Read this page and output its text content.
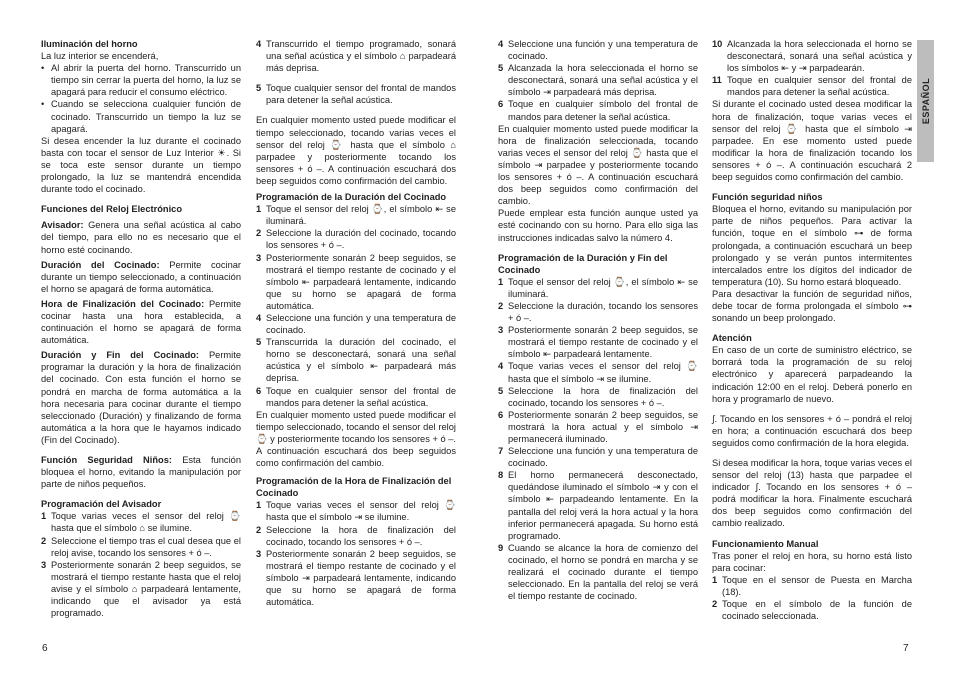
Iluminación del horno

La luz interior se encenderá,

• Al abrir la puerta del horno. Transcurrido un tiempo sin cerrar la puerta del horno, la luz se apagará para reducir el consumo eléctrico.
• Cuando se selecciona cualquier función de cocinado. Transcurrido un tiempo la luz se apagará.

Si desea encender la luz durante el cocinado basta con tocar el sensor de Luz Interior ☀. Si se toca este sensor durante un tiempo prolongado, la luz se mantendrá encendida durante todo el cocinado.

Funciones del Reloj Electrónico

Avisador: Genera una señal acústica al cabo del tiempo, para ello no es necesario que el horno esté cocinando.

Duración del Cocinado: Permite cocinar durante un tiempo seleccionado, a continuación el horno se apagará de forma automática.

Hora de Finalización del Cocinado: Permite cocinar hasta una hora establecida, a continuación el horno se apagará de forma automática.

Duración y Fin del Cocinado: Permite programar la duración y la hora de finalización del cocinado. Con esta función el horno se pondrá en marcha de forma automática a la hora necesaria para cocinar durante el tiempo seleccionado (Duración) y finalizando de forma automática a la hora que le hayamos indicado (Fin del Cocinado).

Función Seguridad Niños: Esta función bloquea el horno, evitando la manipulación por parte de niños pequeños.

Programación del Avisador

1 Toque varias veces el sensor del reloj ⌚ hasta que el símbolo ⌂ se ilumine.
2 Seleccione el tiempo tras el cual desea que el reloj avise, tocando los sensores + ó –.
3 Posteriormente sonarán 2 beep seguidos, se mostrará el tiempo restante hasta que el reloj avise y el símbolo ⌂ parpadeará lentamente, indicando que el avisador ya está programado.
4 Transcurrido el tiempo programado, sonará una señal acústica y el símbolo ⌂ parpadeará más deprisa.
5 Toque cualquier sensor del frontal de mandos para detener la señal acústica.

En cualquier momento usted puede modificar el tiempo seleccionado, tocando varias veces el sensor del reloj ⌚ hasta que el símbolo ⌂ parpadee y posteriormente tocando los sensores + ó –. A continuación escuchará dos beep seguidos como confirmación del cambio.

Programación de la Duración del Cocinado

1 Toque el sensor del reloj ⌚, el símbolo ⇤ se iluminará.
2 Seleccione la duración del cocinado, tocando los sensores + ó –.
3 Posteriormente sonarán 2 beep seguidos, se mostrará el tiempo restante de cocinado y el símbolo ⇤ parpadeará lentamente, indicando que su horno se apagará de forma automática.
4 Seleccione una función y una temperatura de cocinado.
5 Transcurrida la duración del cocinado, el horno se desconectará, sonará una señal acústica y el símbolo ⇤ parpadeará más deprisa.
6 Toque en cualquier sensor del frontal de mandos para detener la señal acústica.

En cualquier momento usted puede modificar el tiempo seleccionado, tocando el sensor del reloj ⌚ y posteriormente tocando los sensores + ó –. A continuación escuchará dos beep seguidos como confirmación del cambio.

Programación de la Hora de Finalización del Cocinado

1 Toque varias veces el sensor del reloj ⌚ hasta que el símbolo ⇥ se ilumine.
2 Seleccione la hora de finalización del cocinado, tocando los sensores + ó –.
3 Posteriormente sonarán 2 beep seguidos, se mostrará el tiempo restante de cocinado y el símbolo ⇥ parpadeará lentamente, indicando que su horno se apagará de forma automática.
4 Seleccione una función y una temperatura de cocinado.
5 Alcanzada la hora seleccionada el horno se desconectará, sonará una señal acústica y el símbolo ⇥ parpadeará más deprisa.
6 Toque en cualquier símbolo del frontal de mandos para detener la señal acústica.

En cualquier momento usted puede modificar la hora de finalización seleccionada, tocando varias veces el sensor del reloj ⌚ hasta que el símbolo ⇥ parpadee y posteriormente tocando los sensores + ó –. A continuación escuchará dos beep seguidos como confirmación del cambio.

Puede emplear esta función aunque usted ya esté cocinando con su horno. Para ello siga las instrucciones indicadas salvo la número 4.

Programación de la Duración y Fin del Cocinado

1 Toque el sensor del reloj ⌚, el símbolo ⇤ se iluminará.
2 Seleccione la duración, tocando los sensores + ó –.
3 Posteriormente sonarán 2 beep seguidos, se mostrará el tiempo restante de cocinado y el símbolo ⇤ parpadeará lentamente.
4 Toque varias veces el sensor del reloj ⌚ hasta que el símbolo ⇥ se ilumine.
5 Seleccione la hora de finalización del cocinado, tocando los sensores + ó –.
6 Posteriormente sonarán 2 beep seguidos, se mostrará la hora actual y el símbolo ⇥ permanecerá iluminado.
7 Seleccione una función y una temperatura de cocinado.
8 El horno permanecerá desconectado, quedándose iluminado el símbolo ⇥ y con el símbolo ⇤ parpadeando lentamente. En la pantalla del reloj verá la hora actual y la hora inferior permanecerá apagada. Su horno está programado.
9 Cuando se alcance la hora de comienzo del cocinado, el horno se pondrá en marcha y se realizará el cocinado durante el tiempo seleccionado. En la pantalla del reloj se verá el tiempo restante de cocinado.
10 Alcanzada la hora seleccionada el horno se desconectará, sonará una señal acústica y los símbolos ⇤ y ⇥ parpadearán.
11 Toque en cualquier sensor del frontal de mandos para detener la señal acústica.

Si durante el cocinado usted desea modificar la hora de finalización, toque varias veces el sensor del reloj ⌚ hasta que el símbolo ⇥ parpadee. En ese momento usted puede modificar la hora de finalización tocando los sensores + ó –. A continuación escuchará 2 beep seguidos como confirmación del cambio.

Función seguridad niños

Bloquea el horno, evitando su manipulación por parte de niños pequeños. Para activar la función, toque en el símbolo ⊶ de forma prolongada, a continuación escuchará un beep prolongado y se verán puntos intermitentes intercalados entre los dígitos del indicador de temperatura (10). Su horno estará bloqueado.

Para desactivar la función de seguridad niños, debe tocar de forma prolongada el símbolo ⊶ sonando un beep prolongado.

Atención

En caso de un corte de suministro eléctrico, se borrará toda la programación de su reloj electrónico y aparecerá parpadeando la indicación 12:00 en el reloj. Deberá ponerlo en hora y programarlo de nuevo.

∫. Tocando en los sensores + ó – pondrá el reloj en hora; a continuación escuchará dos beep seguidos como confirmación de la hora elegida.

Si desea modificar la hora, toque varias veces el sensor del reloj (13) hasta que parpadee el indicador ∫. Tocando en los sensores + ó – podrá modificar la hora. Finalmente escuchará dos beep seguidos como confirmación del cambio realizado.

Funcionamiento Manual

Tras poner el reloj en hora, su horno está listo para cocinar:

1 Toque en el sensor de Puesta en Marcha (18).
2 Toque en el símbolo de la función de cocinado seleccionada.
ESPAÑOL
6	7
